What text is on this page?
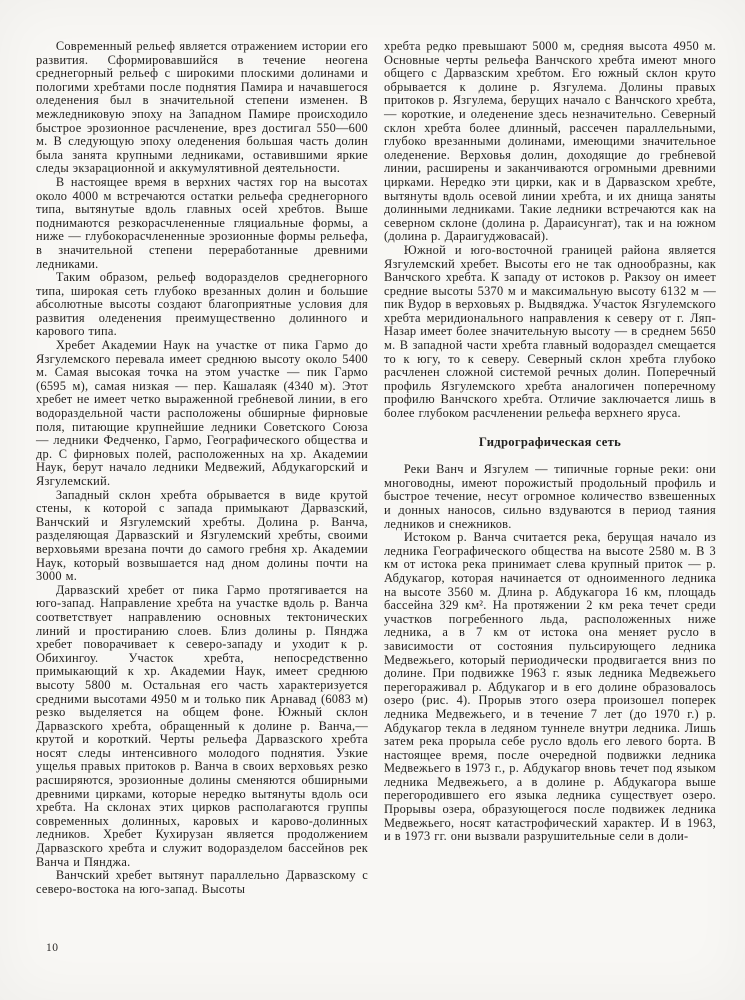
Современный рельеф является отражением истории его развития. Сформировавшийся в течение неогена среднегорный рельеф с широкими плоскими долинами и пологими хребтами после поднятия Памира и начавшегося оледенения был в значительной степени изменен. В межледниковую эпоху на Западном Памире происходило быстрое эрозионное расчленение, врез достигал 550—600 м. В следующую эпоху оледенения большая часть долин была занята крупными ледниками, оставившими яркие следы экзарационной и аккумулятивной деятельности.

В настоящее время в верхних частях гор на высотах около 4000 м встречаются остатки рельефа среднегорного типа, вытянутые вдоль главных осей хребтов. Выше поднимаются резкорасчлененные гляциальные формы, а ниже — глубокорасчлененные эрозионные формы рельефа, в значительной степени переработанные древними ледниками.

Таким образом, рельеф водоразделов среднегорного типа, широкая сеть глубоко врезанных долин и большие абсолютные высоты создают благоприятные условия для развития оледенения преимущественно долинного и карового типа.

Хребет Академии Наук на участке от пика Гармо до Язгулемского перевала имеет среднюю высоту около 5400 м. Самая высокая точка на этом участке — пик Гармо (6595 м), самая низкая — пер. Кашалаяк (4340 м). Этот хребет не имеет четко выраженной гребневой линии, в его водораздельной части расположены обширные фирновые поля, питающие крупнейшие ледники Советского Союза — ледники Федченко, Гармо, Географического общества и др. С фирновых полей, расположенных на хр. Академии Наук, берут начало ледники Медвежий, Абдукагорский и Язгулемский.

Западный склон хребта обрывается в виде крутой стены, к которой с запада примыкают Дарвазский, Ванчский и Язгулемский хребты. Долина р. Ванча, разделяющая Дарвазский и Язгулемский хребты, своими верховьями врезана почти до самого гребня хр. Академии Наук, который возвышается над дном долины почти на 3000 м.

Дарвазский хребет от пика Гармо протягивается на юго-запад. Направление хребта на участке вдоль р. Ванча соответствует направлению основных тектонических линий и простиранию слоев. Близ долины р. Пянджа хребет поворачивает к северо-западу и уходит к р. Обихингоу. Участок хребта, непосредственно примыкающий к хр. Академии Наук, имеет среднюю высоту 5800 м. Остальная его часть характеризуется средними высотами 4950 м и только пик Арнавад (6083 м) резко выделяется на общем фоне. Южный склон Дарвазского хребта, обращенный к долине р. Ванча,— крутой и короткий. Черты рельефа Дарвазского хребта носят следы интенсивного молодого поднятия. Узкие ущелья правых притоков р. Ванча в своих верховьях резко расширяются, эрозионные долины сменяются обширными древними цирками, которые нередко вытянуты вдоль оси хребта. На склонах этих цирков располагаются группы современных долинных, каровых и карово-долинных ледников. Хребет Кухирузан является продолжением Дарвазского хребта и служит водоразделом бассейнов рек Ванча и Пянджа.

Ванчский хребет вытянут параллельно Дарвазскому с северо-востока на юго-запад. Высоты

хребта редко превышают 5000 м, средняя высота 4950 м. Основные черты рельефа Ванчского хребта имеют много общего с Дарвазским хребтом. Его южный склон круто обрывается к долине р. Язгулема. Долины правых притоков р. Язгулема, берущих начало с Ванчского хребта,— короткие, и оледенение здесь незначительно. Северный склон хребта более длинный, рассечен параллельными, глубоко врезанными долинами, имеющими значительное оледенение. Верховья долин, доходящие до гребневой линии, расширены и заканчиваются огромными древними цирками. Нередко эти цирки, как и в Дарвазском хребте, вытянуты вдоль осевой линии хребта, и их днища заняты долинными ледниками. Такие ледники встречаются как на северном склоне (долина р. Дараисунгат), так и на южном (долина р. Дараигуджовасай).

Южной и юго-восточной границей района является Язгулемский хребет. Высоты его не так однообразны, как Ванчского хребта. К западу от истоков р. Ракзоу он имеет средние высоты 5370 м и максимальную высоту 6132 м — пик Вудор в верховьях р. Выдвяджа. Участок Язгулемского хребта меридионального направления к северу от г. Ляп-Назар имеет более значительную высоту — в среднем 5650 м. В западной части хребта главный водораздел смещается то к югу, то к северу. Северный склон хребта глубоко расчленен сложной системой речных долин. Поперечный профиль Язгулемского хребта аналогичен поперечному профилю Ванчского хребта. Отличие заключается лишь в более глубоком расчленении рельефа верхнего яруса.

Гидрографическая сеть

Реки Ванч и Язгулем — типичные горные реки: они многоводны, имеют порожистый продольный профиль и быстрое течение, несут огромное количество взвешенных и донных наносов, сильно вздуваются в период таяния ледников и снежников.

Истоком р. Ванча считается река, берущая начало из ледника Географического общества на высоте 2580 м. В 3 км от истока река принимает слева крупный приток — р. Абдукагор, которая начинается от одноименного ледника на высоте 3560 м. Длина р. Абдукагора 16 км, площадь бассейна 329 км². На протяжении 2 км река течет среди участков погребенного льда, расположенных ниже ледника, а в 7 км от истока она меняет русло в зависимости от состояния пульсирующего ледника Медвежьего, который периодически продвигается вниз по долине. При подвижке 1963 г. язык ледника Медвежьего перегораживал р. Абдукагор и в его долине образовалось озеро (рис. 4). Прорыв этого озера произошел поперек ледника Медвежьего, и в течение 7 лет (до 1970 г.) р. Абдукагор текла в ледяном туннеле внутри ледника. Лишь затем река прорыла себе русло вдоль его левого борта. В настоящее время, после очередной подвижки ледника Медвежьего в 1973 г., р. Абдукагор вновь течет под языком ледника Медвежьего, а в долине р. Абдукагора выше перегородившего его языка ледника существует озеро. Прорывы озера, образующегося после подвижек ледника Медвежьего, носят катастрофический характер. И в 1963, и в 1973 гг. они вызвали разрушительные сели в доли-

10
